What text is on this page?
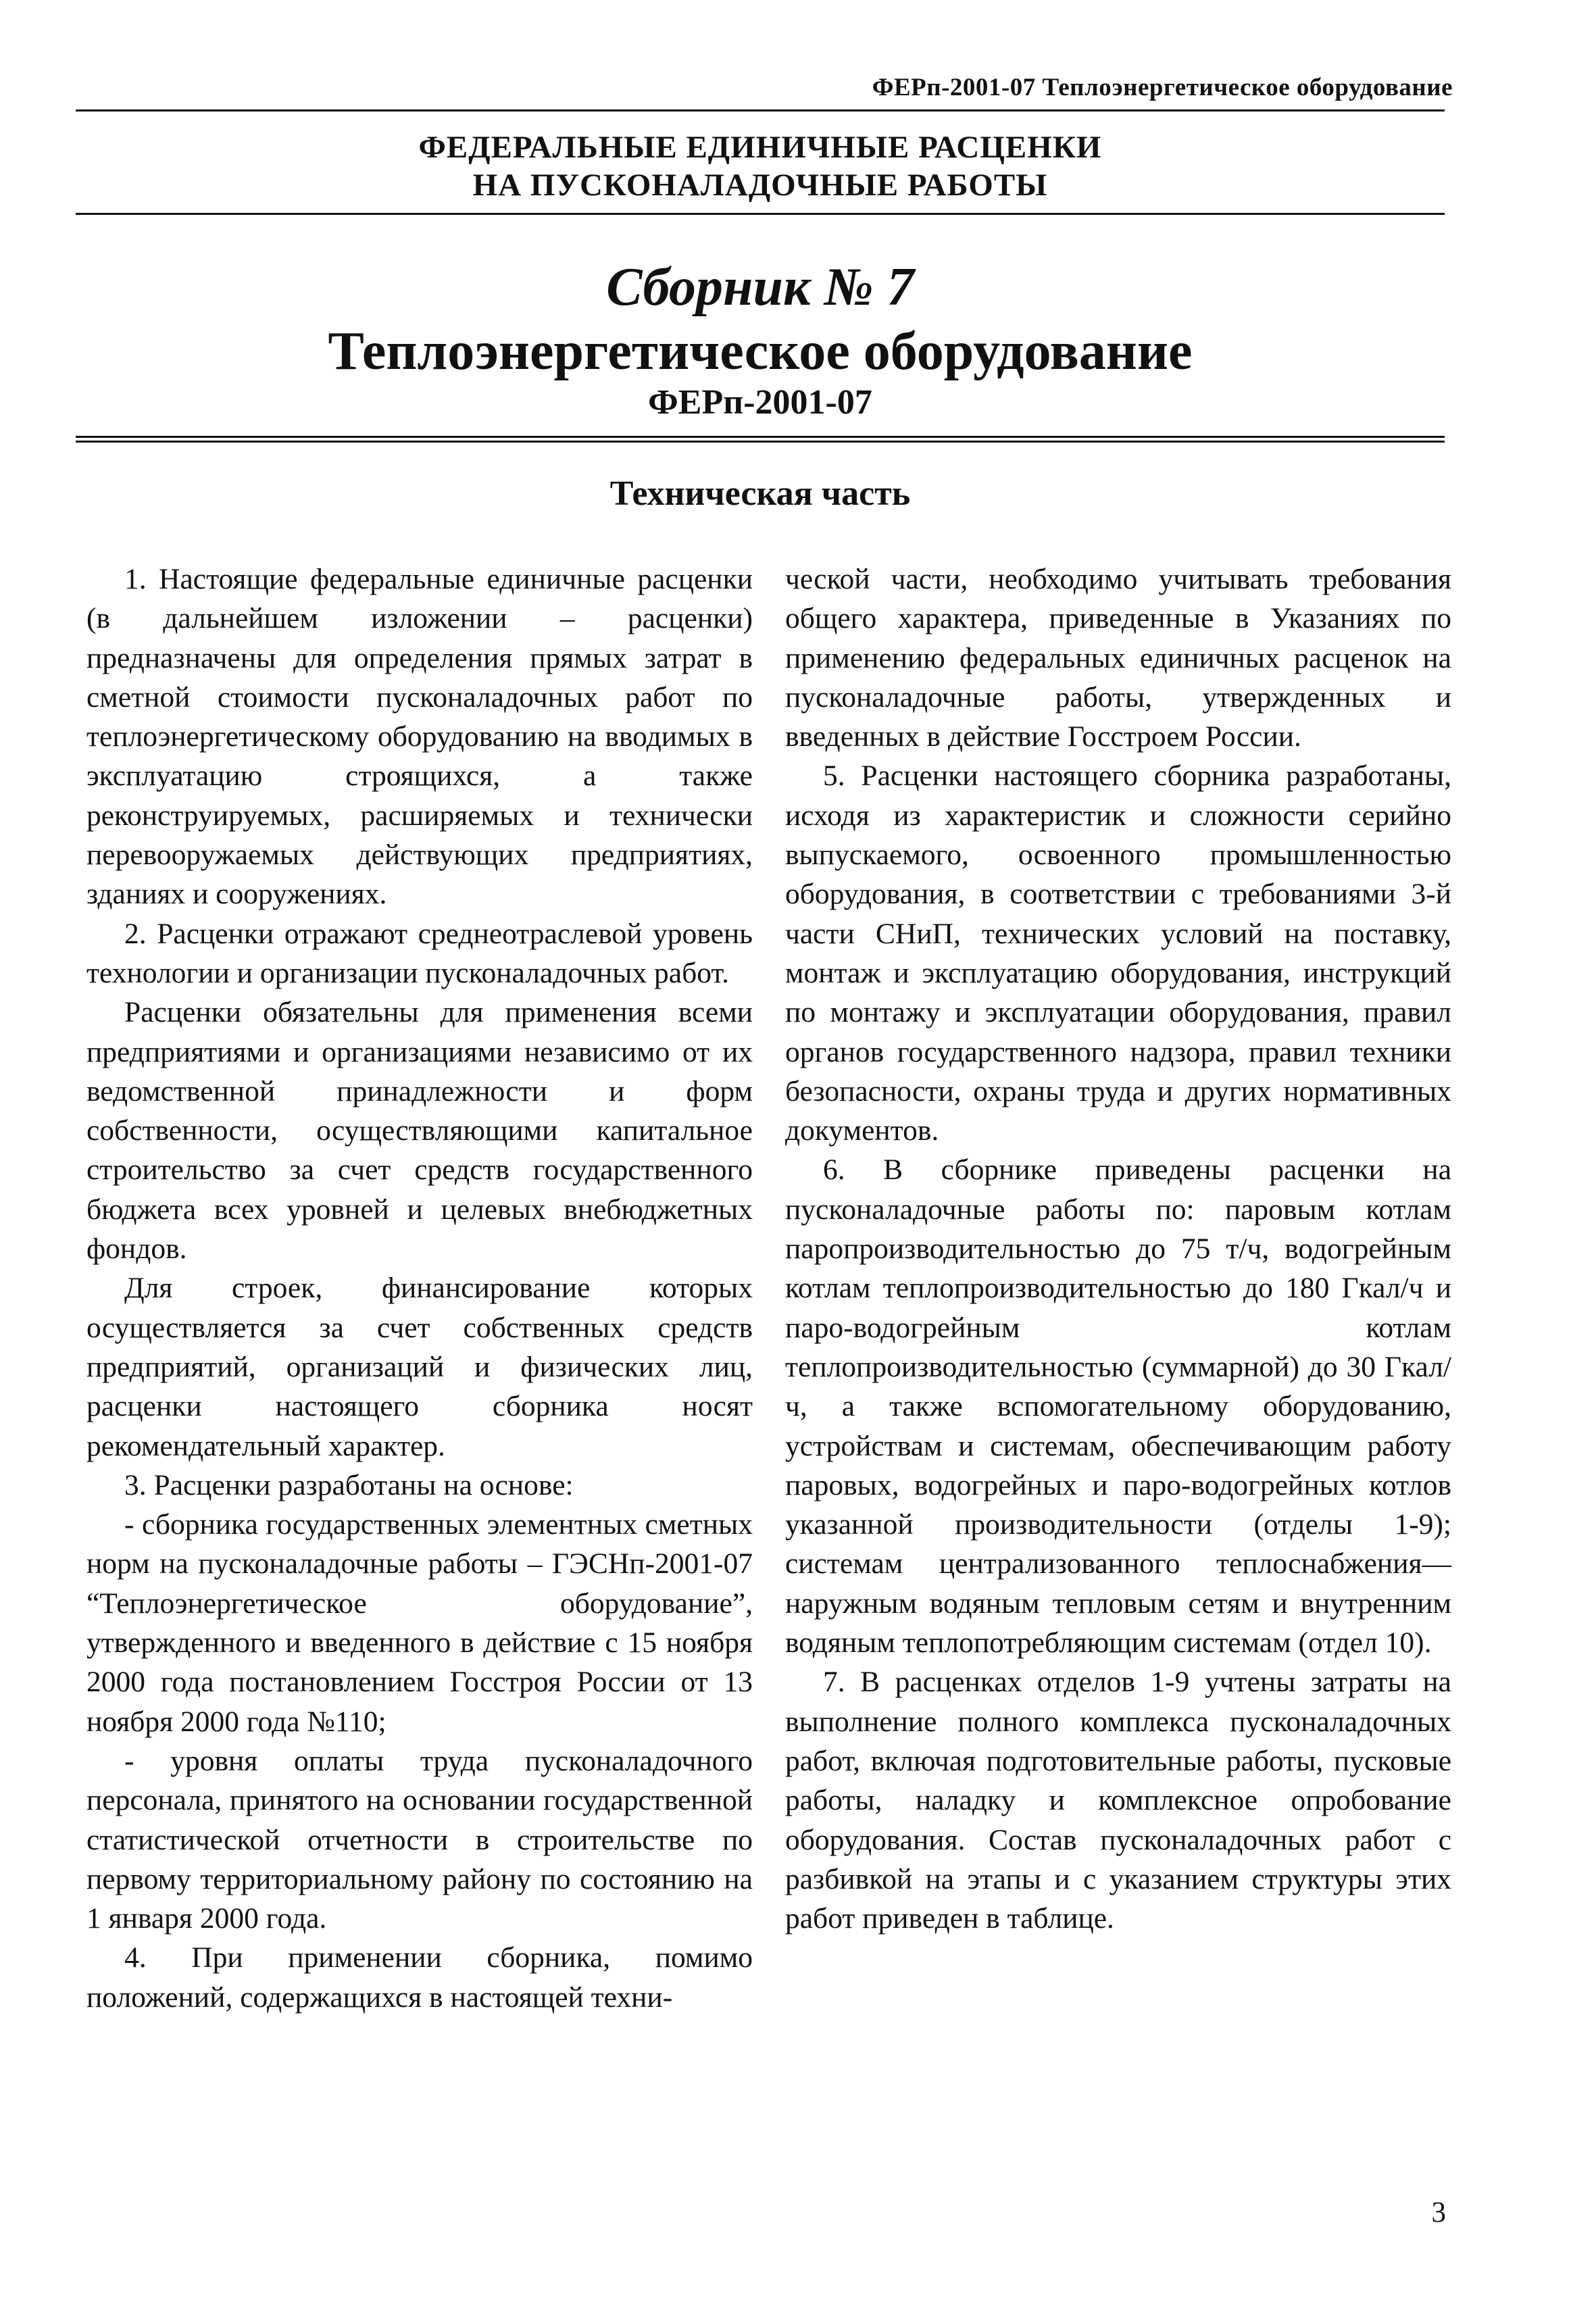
ФЕРп-2001-07 Теплоэнергетическое оборудование
ФЕДЕРАЛЬНЫЕ ЕДИНИЧНЫЕ РАСЦЕНКИ
НА ПУСКОНАЛАДОЧНЫЕ РАБОТЫ
Сборник № 7
Теплоэнергетическое оборудование
ФЕРп-2001-07
Техническая часть

1. Настоящие федеральные единичные расценки (в дальнейшем изложении – расценки) предназначены для определения прямых затрат в сметной стоимости пусконаладочных работ по теплоэнергетическому оборудованию на вводимых в эксплуатацию строящихся, а также реконструируемых, расширяемых и технически перевооружаемых действующих предприятиях, зданиях и сооружениях.

2. Расценки отражают среднеотраслевой уровень технологии и организации пусконаладочных работ.

Расценки обязательны для применения всеми предприятиями и организациями независимо от их ведомственной принадлежности и форм собственности, осуществляющими капитальное строительство за счет средств государственного бюджета всех уровней и целевых внебюджетных фондов.

Для строек, финансирование которых осуществляется за счет собственных средств предприятий, организаций и физических лиц, расценки настоящего сборника носят рекомендательный характер.

3. Расценки разработаны на основе:

- сборника государственных элементных сметных норм на пусконаладочные работы – ГЭСНп-2001-07 “Теплоэнергетическое оборудование”, утвержденного и введенного в действие с 15 ноября 2000 года постановлением Госстроя России от 13 ноября 2000 года №110;

- уровня оплаты труда пусконаладочного персонала, принятого на основании государственной статистической отчетности в строительстве по первому территориальному району по состоянию на 1 января 2000 года.

4. При применении сборника, помимо положений, содержащихся в настоящей техни-

ческой части, необходимо учитывать требования общего характера, приведенные в Указаниях по применению федеральных единичных расценок на пусконаладочные работы, утвержденных и введенных в действие Госстроем России.

5. Расценки настоящего сборника разработаны, исходя из характеристик и сложности серийно выпускаемого, освоенного промышленностью оборудования, в соответствии с требованиями 3-й части СНиП, технических условий на поставку, монтаж и эксплуатацию оборудования, инструкций по монтажу и эксплуатации оборудования, правил органов государственного надзора, правил техники безопасности, охраны труда и других нормативных документов.

6. В сборнике приведены расценки на пусконаладочные работы по: паровым котлам паропроизводительностью до 75 т/ч, водогрейным котлам теплопроизводительностью до 180 Гкал/ч и паро-водогрейным котлам теплопроизводительностью (суммарной) до 30 Гкал/ч, а также вспомогательному оборудованию, устройствам и системам, обеспечивающим работу паровых, водогрейных и паро-водогрейных котлов указанной производительности (отделы 1-9); системам централизованного теплоснабжения—наружным водяным тепловым сетям и внутренним водяным теплопотребляющим системам (отдел 10).

7. В расценках отделов 1-9 учтены затраты на выполнение полного комплекса пусконаладочных работ, включая подготовительные работы, пусковые работы, наладку и комплексное опробование оборудования. Состав пусконаладочных работ с разбивкой на этапы и с указанием структуры этих работ приведен в таблице.

3
